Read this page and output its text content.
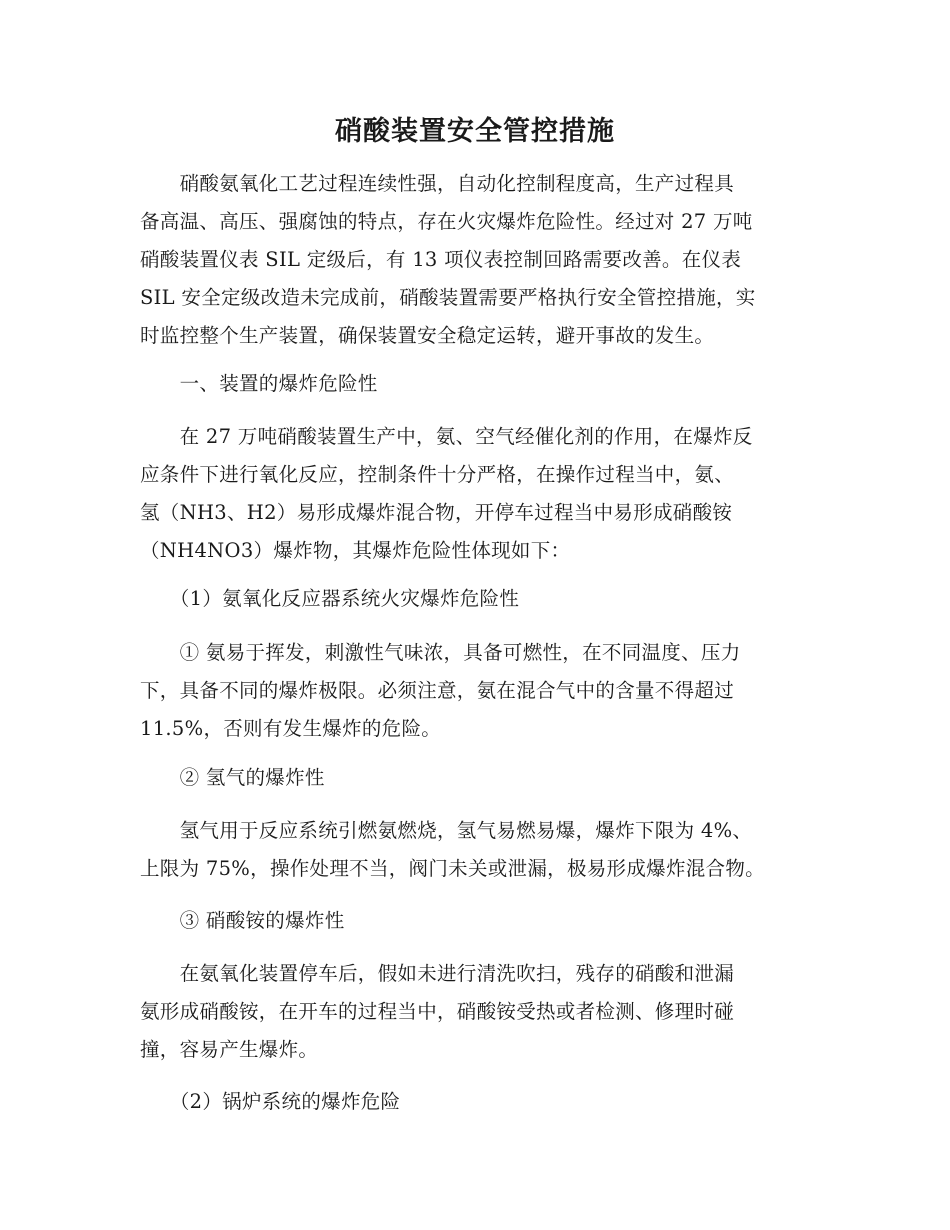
硝酸装置安全管控措施
　　硝酸氨氧化工艺过程连续性强，自动化控制程度高，生产过程具
备高温、高压、强腐蚀的特点，存在火灾爆炸危险性。经过对 27 万吨
硝酸装置仪表 SIL 定级后，有 13 项仪表控制回路需要改善。在仪表
SIL 安全定级改造未完成前，硝酸装置需要严格执行安全管控措施，实
时监控整个生产装置，确保装置安全稳定运转，避开事故的发生。
　　一、装置的爆炸危险性
　　在 27 万吨硝酸装置生产中，氨、空气经催化剂的作用，在爆炸反
应条件下进行氧化反应，控制条件十分严格，在操作过程当中，氨、
氢（NH3、H2）易形成爆炸混合物，开停车过程当中易形成硝酸铵
（NH4NO3）爆炸物，其爆炸危险性体现如下：
　　（1）氨氧化反应器系统火灾爆炸危险性
　　① 氨易于挥发，刺激性气味浓，具备可燃性，在不同温度、压力
下，具备不同的爆炸极限。必须注意，氨在混合气中的含量不得超过
11.5%，否则有发生爆炸的危险。
　　② 氢气的爆炸性
　　氢气用于反应系统引燃氨燃烧，氢气易燃易爆，爆炸下限为 4%、
上限为 75%，操作处理不当，阀门未关或泄漏，极易形成爆炸混合物。
　　③ 硝酸铵的爆炸性
　　在氨氧化装置停车后，假如未进行清洗吹扫，残存的硝酸和泄漏
氨形成硝酸铵，在开车的过程当中，硝酸铵受热或者检测、修理时碰
撞，容易产生爆炸。
　　（2）锅炉系统的爆炸危险
